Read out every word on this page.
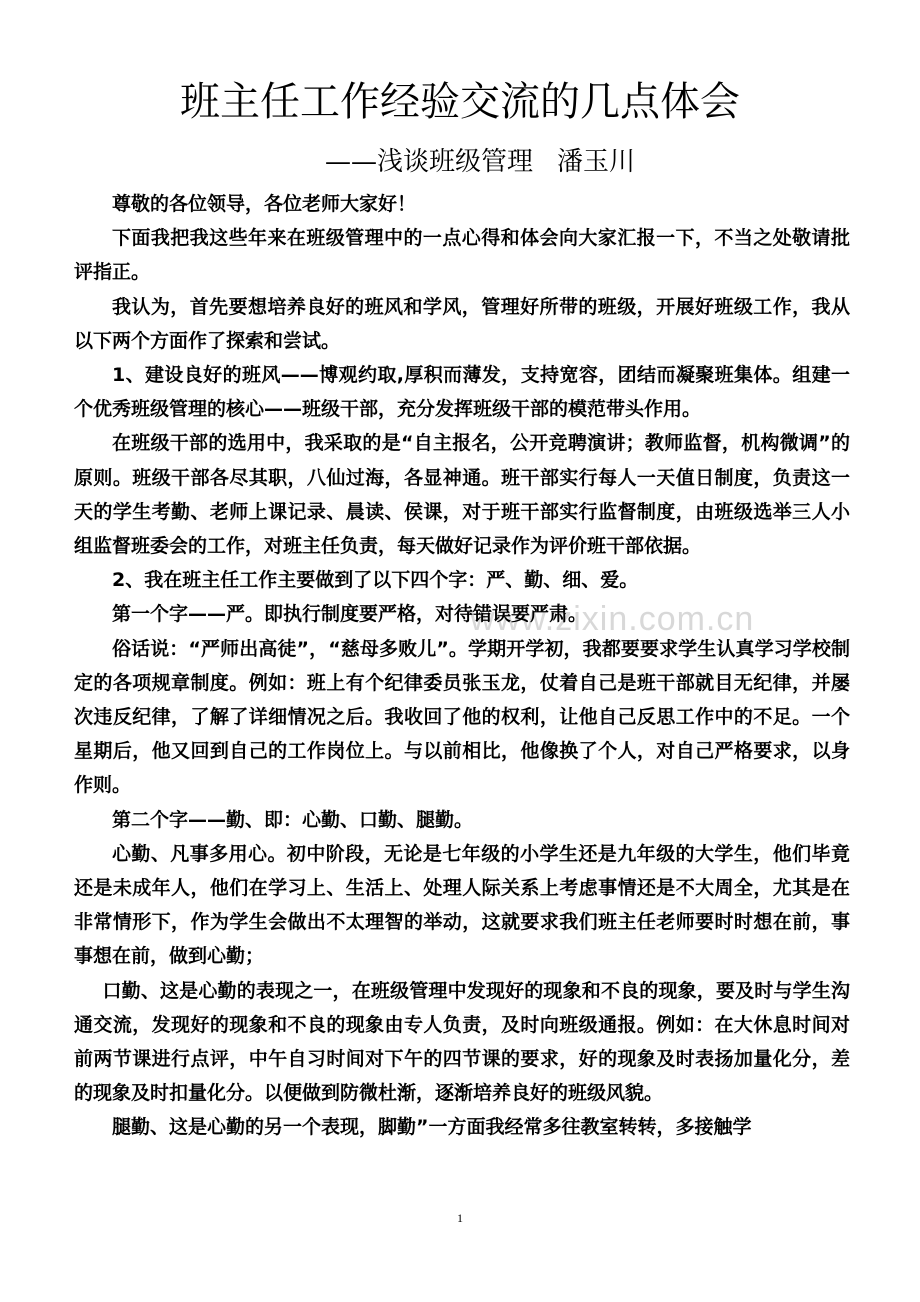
班主任工作经验交流的几点体会
——浅谈班级管理 潘玉川
www.zixin.com.cn

尊敬的各位领导，各位老师大家好！

下面我把我这些年来在班级管理中的一点心得和体会向大家汇报一下，不当之处敬请批评指正。

我认为，首先要想培养良好的班风和学风，管理好所带的班级，开展好班级工作，我从以下两个方面作了探索和尝试。

1、建设良好的班风——博观约取,厚积而薄发，支持宽容，团结而凝聚班集体。组建一个优秀班级管理的核心——班级干部，充分发挥班级干部的模范带头作用。

在班级干部的选用中，我采取的是“自主报名，公开竞聘演讲；教师监督，机构微调”的原则。班级干部各尽其职，八仙过海，各显神通。班干部实行每人一天值日制度，负责这一天的学生考勤、老师上课记录、晨读、侯课，对于班干部实行监督制度，由班级选举三人小组监督班委会的工作，对班主任负责，每天做好记录作为评价班干部依据。

2、我在班主任工作主要做到了以下四个字：严、勤、细、爱。

第一个字——严。即执行制度要严格，对待错误要严肃。

俗话说：“严师出高徒”，“慈母多败儿”。学期开学初，我都要要求学生认真学习学校制定的各项规章制度。例如：班上有个纪律委员张玉龙，仗着自己是班干部就目无纪律，并屡次违反纪律，了解了详细情况之后。我收回了他的权利，让他自己反思工作中的不足。一个星期后，他又回到自己的工作岗位上。与以前相比，他像换了个人，对自己严格要求，以身作则。

第二个字——勤、即：心勤、口勤、腿勤。

心勤、凡事多用心。初中阶段，无论是七年级的小学生还是九年级的大学生，他们毕竟还是未成年人，他们在学习上、生活上、处理人际关系上考虑事情还是不大周全，尤其是在非常情形下，作为学生会做出不太理智的举动，这就要求我们班主任老师要时时想在前，事事想在前，做到心勤；

口勤、这是心勤的表现之一，在班级管理中发现好的现象和不良的现象，要及时与学生沟通交流，发现好的现象和不良的现象由专人负责，及时向班级通报。例如：在大休息时间对前两节课进行点评，中午自习时间对下午的四节课的要求，好的现象及时表扬加量化分，差的现象及时扣量化分。以便做到防微杜渐，逐渐培养良好的班级风貌。

腿勤、这是心勤的另一个表现，脚勤”一方面我经常多往教室转转，多接触学

1
